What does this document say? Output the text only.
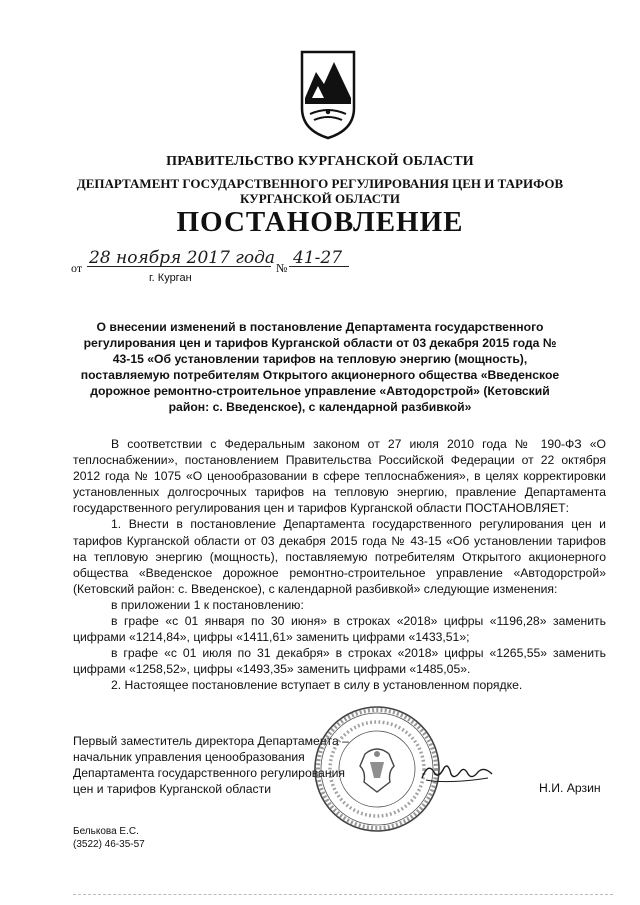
ПРАВИТЕЛЬСТВО КУРГАНСКОЙ ОБЛАСТИ
ДЕПАРТАМЕНТ ГОСУДАРСТВЕННОГО РЕГУЛИРОВАНИЯ ЦЕН И ТАРИФОВ
КУРГАНСКОЙ ОБЛАСТИ
ПОСТАНОВЛЕНИЕ
от 28 ноября 2017 года № 41-27
г. Курган
О внесении изменений в постановление Департамента государственного регулирования цен и тарифов Курганской области от 03 декабря 2015 года № 43-15 «Об установлении тарифов на тепловую энергию (мощность), поставляемую потребителям Открытого акционерного общества «Введенское дорожное ремонтно-строительное управление «Автодорстрой» (Кетовский район: с. Введенское), с календарной разбивкой»

В соответствии с Федеральным законом от 27 июля 2010 года № 190-ФЗ «О теплоснабжении», постановлением Правительства Российской Федерации от 22 октября 2012 года № 1075 «О ценообразовании в сфере теплоснабжения», в целях корректировки установленных долгосрочных тарифов на тепловую энергию, правление Департамента государственного регулирования цен и тарифов Курганской области ПОСТАНОВЛЯЕТ:

1. Внести в постановление Департамента государственного регулирования цен и тарифов Курганской области от 03 декабря 2015 года № 43-15 «Об установлении тарифов на тепловую энергию (мощность), поставляемую потребителям Открытого акционерного общества «Введенское дорожное ремонтно-строительное управление «Автодорстрой» (Кетовский район: с. Введенское), с календарной разбивкой» следующие изменения:

в приложении 1 к постановлению:

в графе «с 01 января по 30 июня» в строках «2018» цифры «1196,28» заменить цифрами «1214,84», цифры «1411,61» заменить цифрами «1433,51»;

в графе «с 01 июля по 31 декабря» в строках «2018» цифры «1265,55» заменить цифрами «1258,52», цифры «1493,35» заменить цифрами «1485,05».

2. Настоящее постановление вступает в силу в установленном порядке.

Первый заместитель директора Департамента –
начальник управления ценообразования
Департамента государственного регулирования
цен и тарифов Курганской области	Н.И. Арзин
Белькова Е.С.
(3522) 46-35-57
